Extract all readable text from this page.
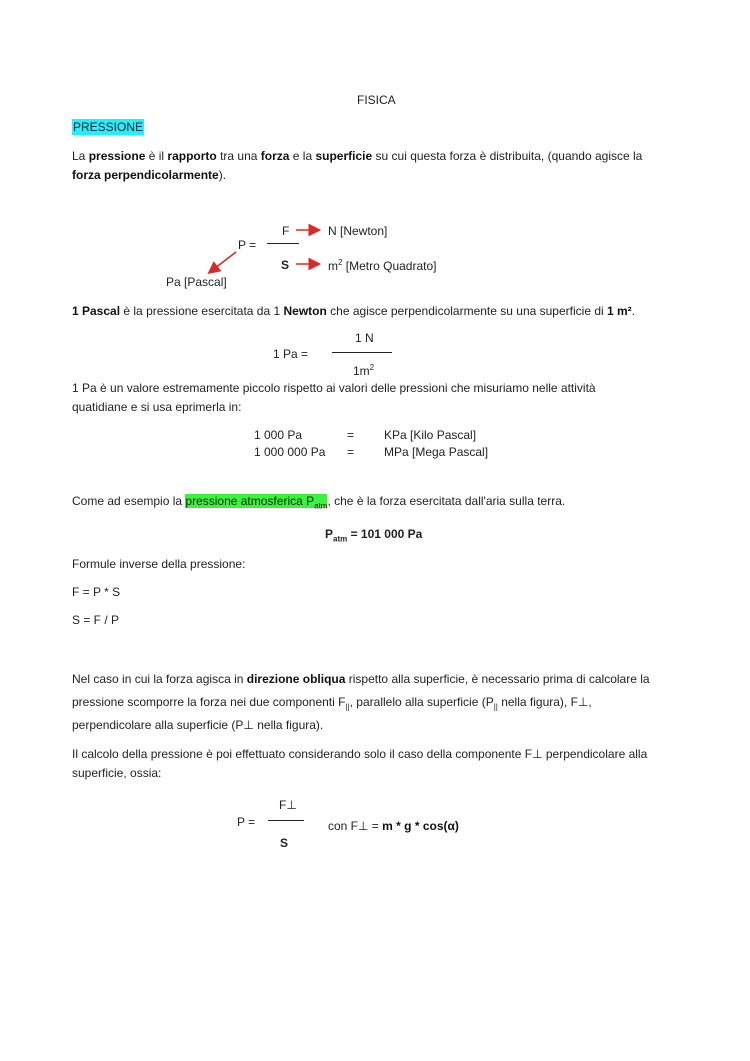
FISICA
PRESSIONE
La pressione è il rapporto tra una forza e la superficie su cui questa forza è distribuita, (quando agisce la
forza perpendicolarmente).
F
P =
S
N [Newton]
$m^2$ [Metro Quadrato]
Pa [Pascal]
1 Pascal è la pressione esercitata da 1 Newton che agisce perpendicolarmente su una superficie di 1 m².
1 N
1 Pa =
$1m^2$
1 Pa è un valore estremamente piccolo rispetto ai valori delle pressioni che misuriamo nelle attività
quatidiane e si usa eprimerla in:
1 000 Pa	= KPa [Kilo Pascal]
1 000 000 Pa = MPa [Mega Pascal]
Come ad esempio la pressione atmosferica $P_{atm}$, che è la forza esercitata dall'aria sulla terra.
$P_{atm} = 101$ 000 Pa
Formule inverse della pressione:
F = P * S
S = F / P
Nel caso in cui la forza agisca in direzione obliqua rispetto alla superficie, è necessario prima di calcolare la
pressione scomporre la forza nei due componenti $F_{||}$, parallelo alla superficie ($P_{||}$ nella figura), F⊥,
perpendicolare alla superficie (P⊥ nella figura).
Il calcolo della pressione è poi effettuato considerando solo il caso della componente F⊥ perpendicolare alla
superficie, ossia:
F⊥
P =
S
con F⊥ = m * g * cos(α)
